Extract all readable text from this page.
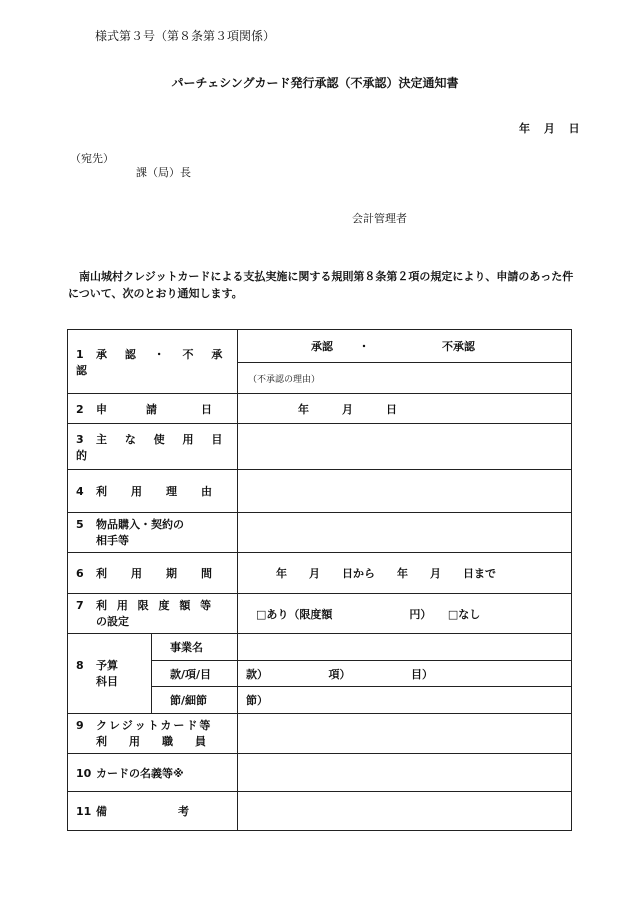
様式第３号（第８条第３項関係）
パーチェシングカード発行承認（不承認）決定通知書
年 月 日
（宛先）
課（局）長
会計管理者
南山城村クレジットカードによる支払実施に関する規則第８条第２項の規定により、申請のあった件について、次のとおり通知します。
1 承 認 ・ 不 承 認		承認 ・ 不承認
		（不承認の理由）
2 申 請 日		年　　　月　　　日
3 主 な 使 用 目 的		
4 利 用 理 由		
5 物品購入・契約の
相手等		
6 利 用 期 間		年　　月　　日から　　年　　月　　日まで
7 利 用 限 度 額 等
の設定		□あり（限度額　　　　　　　円）　　□なし
8 予算
科目	事業名	
	款/項/目	款）　　　　　　項）　　　　　　目）
	節/細節	節）
9 クレジットカード等
利　　用　　職　　員		
10 カードの名義等※		
11 備 考		
